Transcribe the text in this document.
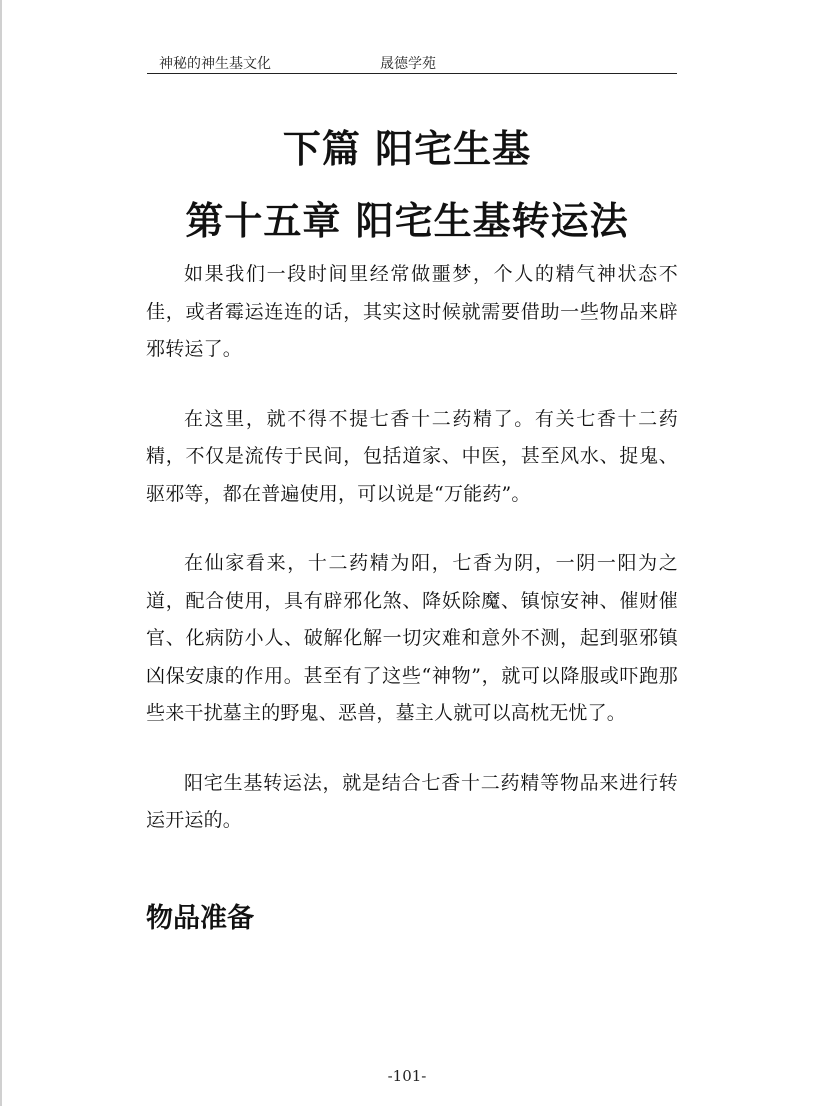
神秘的神生基文化	晟德学苑
下篇 阳宅生基
第十五章 阳宅生基转运法

如果我们一段时间里经常做噩梦，个人的精气神状态不佳，或者霉运连连的话，其实这时候就需要借助一些物品来辟邪转运了。

在这里，就不得不提七香十二药精了。有关七香十二药精，不仅是流传于民间，包括道家、中医，甚至风水、捉鬼、驱邪等，都在普遍使用，可以说是“万能药”。

在仙家看来，十二药精为阳，七香为阴，一阴一阳为之道，配合使用，具有辟邪化煞、降妖除魔、镇惊安神、催财催官、化病防小人、破解化解一切灾难和意外不测，起到驱邪镇凶保安康的作用。甚至有了这些“神物”，就可以降服或吓跑那些来干扰墓主的野鬼、恶兽，墓主人就可以高枕无忧了。

阳宅生基转运法，就是结合七香十二药精等物品来进行转运开运的。

物品准备
-101-
